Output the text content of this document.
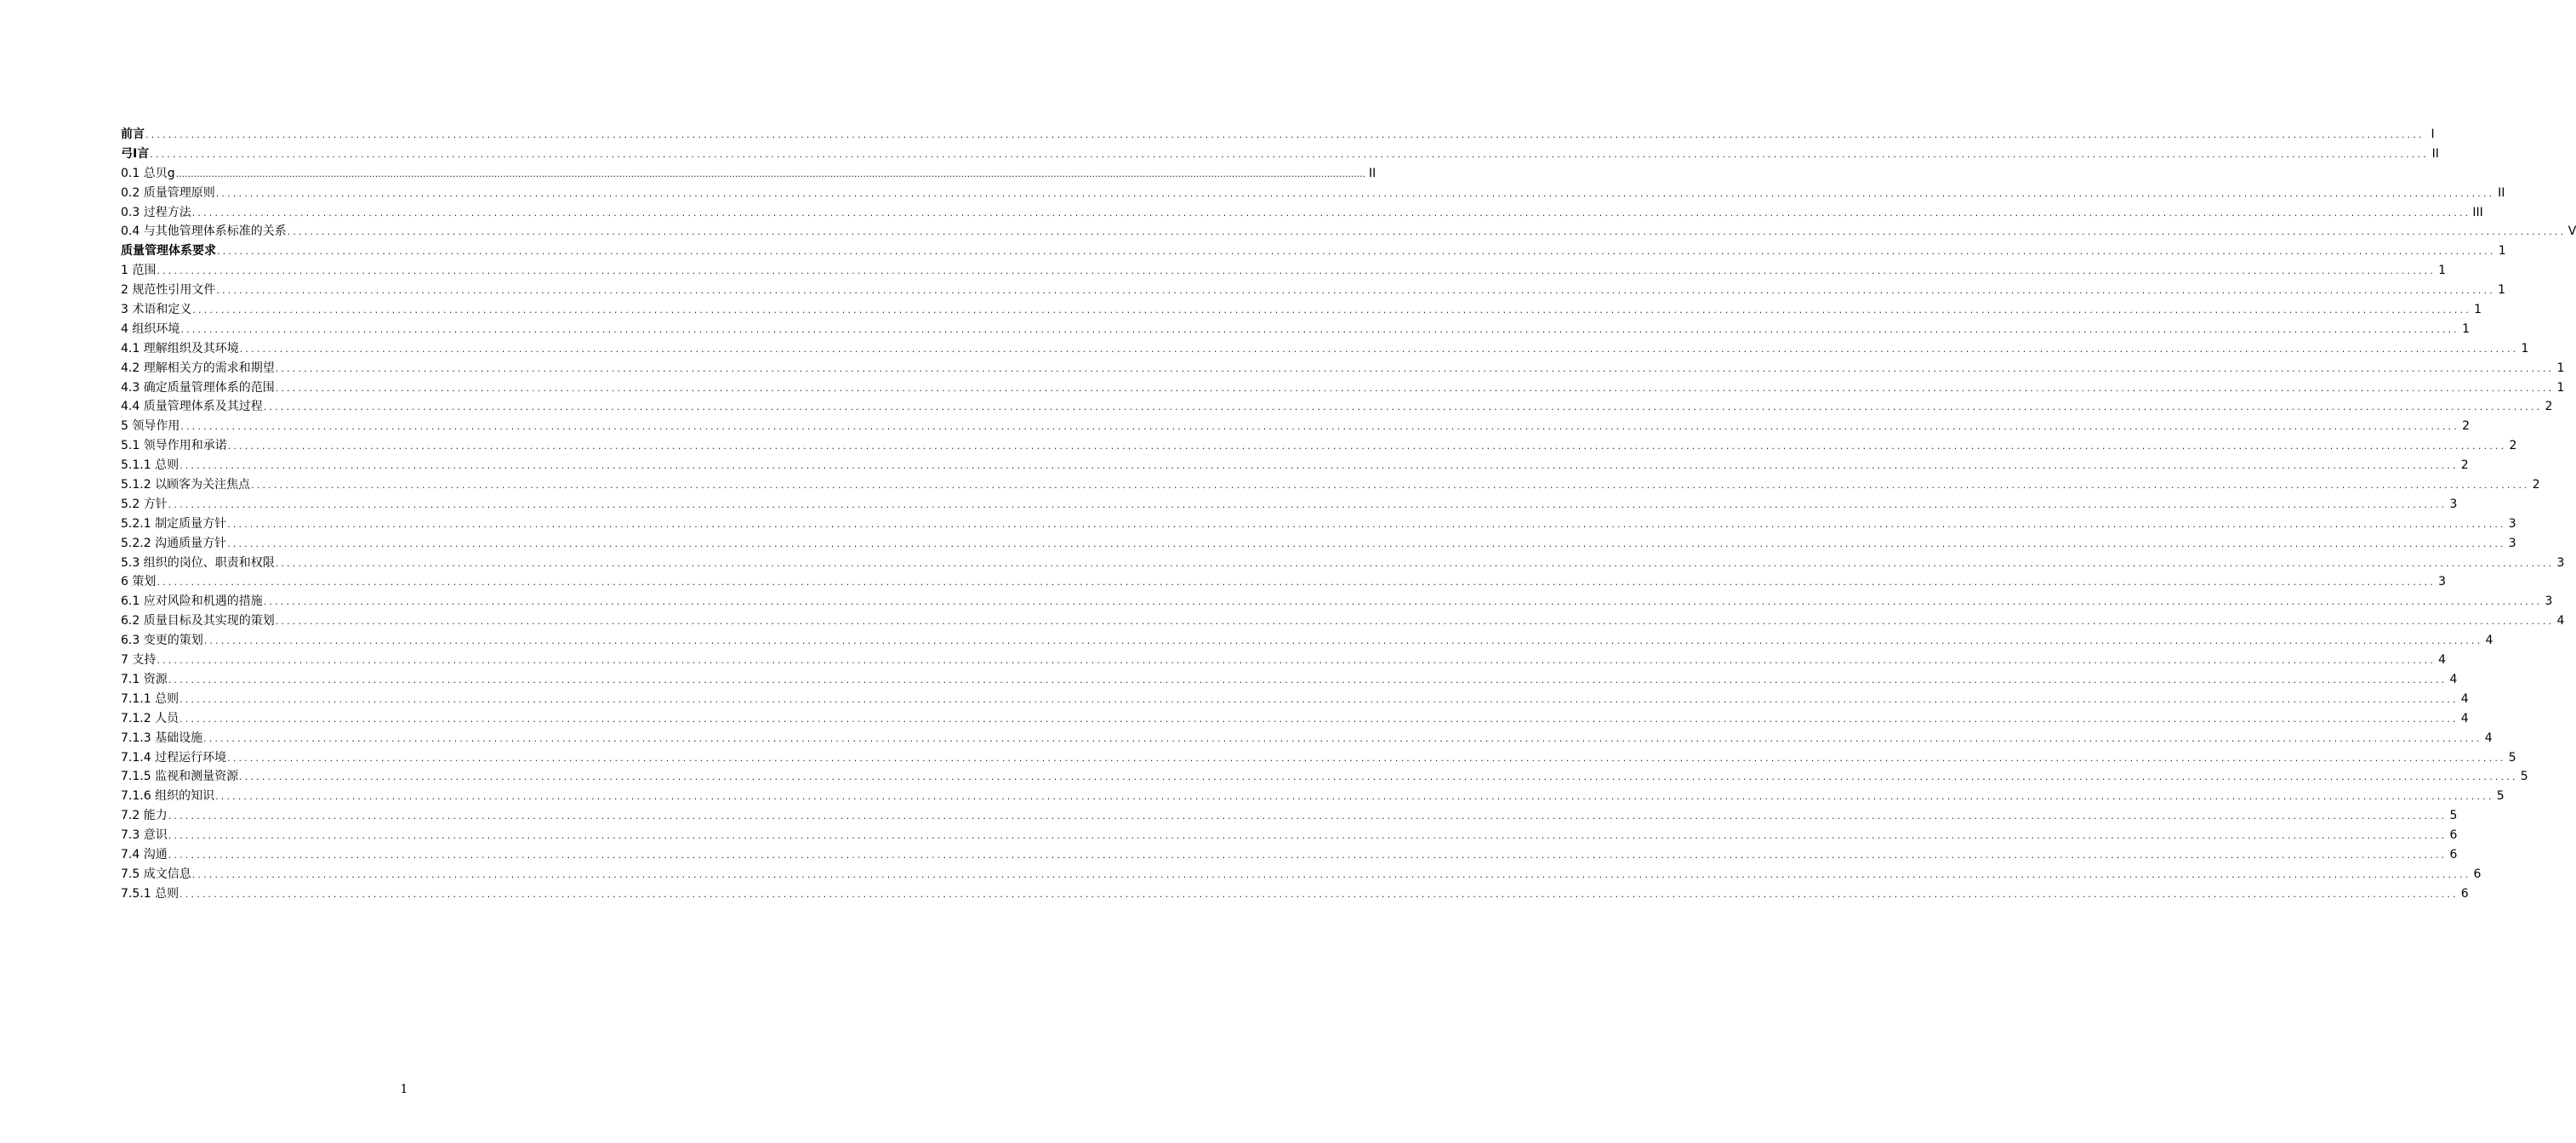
前言 ................................................................................................................................................................................................................................................................................................................................................................................................................ I
弓I言 ................................................................................................................................................................................................................................................................................................................................................................................................................ II
0.1 总贝g ................................................................................................................................................................................................................................................................................................................................................................................................................ II
0.2 质量管理原则 ................................................................................................................................................................................................................................................................................................................................................................................................................ II
0.3 过程方法 ................................................................................................................................................................................................................................................................................................................................................................................................................ III
0.4 与其他管理体系标准的关系 ................................................................................................................................................................................................................................................................................................................................................................................................................ V
质量管理体系要求 ................................................................................................................................................................................................................................................................................................................................................................................................................ 1
1 范围 ................................................................................................................................................................................................................................................................................................................................................................................................................ 1
2 规范性引用文件 ................................................................................................................................................................................................................................................................................................................................................................................................................ 1
3 术语和定义 ................................................................................................................................................................................................................................................................................................................................................................................................................ 1
4 组织环境 ................................................................................................................................................................................................................................................................................................................................................................................................................ 1
4.1 理解组织及其环境 ................................................................................................................................................................................................................................................................................................................................................................................................................ 1
4.2 理解相关方的需求和期望 ................................................................................................................................................................................................................................................................................................................................................................................................................ 1
4.3 确定质量管理体系的范围 ................................................................................................................................................................................................................................................................................................................................................................................................................ 1
4.4 质量管理体系及其过程 ................................................................................................................................................................................................................................................................................................................................................................................................................ 2
5 领导作用 ................................................................................................................................................................................................................................................................................................................................................................................................................ 2
5.1 领导作用和承诺 ................................................................................................................................................................................................................................................................................................................................................................................................................ 2
5.1.1 总则 ................................................................................................................................................................................................................................................................................................................................................................................................................ 2
5.1.2 以顾客为关注焦点 ................................................................................................................................................................................................................................................................................................................................................................................................................ 2
5.2 方针 ................................................................................................................................................................................................................................................................................................................................................................................................................ 3
5.2.1 制定质量方针 ................................................................................................................................................................................................................................................................................................................................................................................................................ 3
5.2.2 沟通质量方针 ................................................................................................................................................................................................................................................................................................................................................................................................................ 3
5.3 组织的岗位、职责和权限 ................................................................................................................................................................................................................................................................................................................................................................................................................ 3
6 策划 ................................................................................................................................................................................................................................................................................................................................................................................................................ 3
6.1 应对风险和机遇的措施 ................................................................................................................................................................................................................................................................................................................................................................................................................ 3
6.2 质量目标及其实现的策划 ................................................................................................................................................................................................................................................................................................................................................................................................................ 4
6.3 变更的策划 ................................................................................................................................................................................................................................................................................................................................................................................................................ 4
7 支持 ................................................................................................................................................................................................................................................................................................................................................................................................................ 4
7.1 资源 ................................................................................................................................................................................................................................................................................................................................................................................................................ 4
7.1.1 总则 ................................................................................................................................................................................................................................................................................................................................................................................................................ 4
7.1.2 人员 ................................................................................................................................................................................................................................................................................................................................................................................................................ 4
7.1.3 基础设施 ................................................................................................................................................................................................................................................................................................................................................................................................................ 4
7.1.4 过程运行环境 ................................................................................................................................................................................................................................................................................................................................................................................................................ 5
7.1.5 监视和测量资源 ................................................................................................................................................................................................................................................................................................................................................................................................................ 5
7.1.6 组织的知识 ................................................................................................................................................................................................................................................................................................................................................................................................................ 5
7.2 能力 ................................................................................................................................................................................................................................................................................................................................................................................................................ 5
7.3 意识 ................................................................................................................................................................................................................................................................................................................................................................................................................ 6
7.4 沟通 ................................................................................................................................................................................................................................................................................................................................................................................................................ 6
7.5 成文信息 ................................................................................................................................................................................................................................................................................................................................................................................................................ 6
7.5.1 总则 ................................................................................................................................................................................................................................................................................................................................................................................................................ 6
1
